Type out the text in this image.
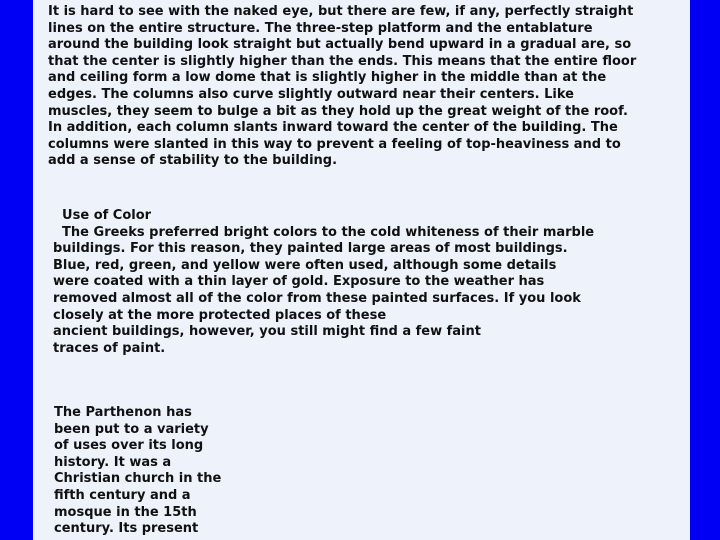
It is hard to see with the naked eye, but there are few, if any, perfectly straight
lines on the entire structure. The three-step platform and the entablature
around the building look straight but actually bend upward in a gradual are, so
that the center is slightly higher than the ends. This means that the entire floor
and ceiling form a low dome that is slightly higher in the middle than at the
edges. The columns also curve slightly outward near their centers. Like
muscles, they seem to bulge a bit as they hold up the great weight of the roof.
In addition, each column slants inward toward the center of the building. The
columns were slanted in this way to prevent a feeling of top-heaviness and to
add a sense of stability to the building.

Use of Color
The Greeks preferred bright colors to the cold whiteness of their marble
buildings. For this reason, they painted large areas of most buildings.
Blue, red, green, and yellow were often used, although some details
were coated with a thin layer of gold. Exposure to the weather has
removed almost all of the color from these painted surfaces. If you look
closely at the more protected places of these
ancient buildings, however, you still might find a few faint
traces of paint.

The Parthenon has
been put to a variety
of uses over its long
history. It was a
Christian church in the
fifth century and a
mosque in the 15th
century. Its present
